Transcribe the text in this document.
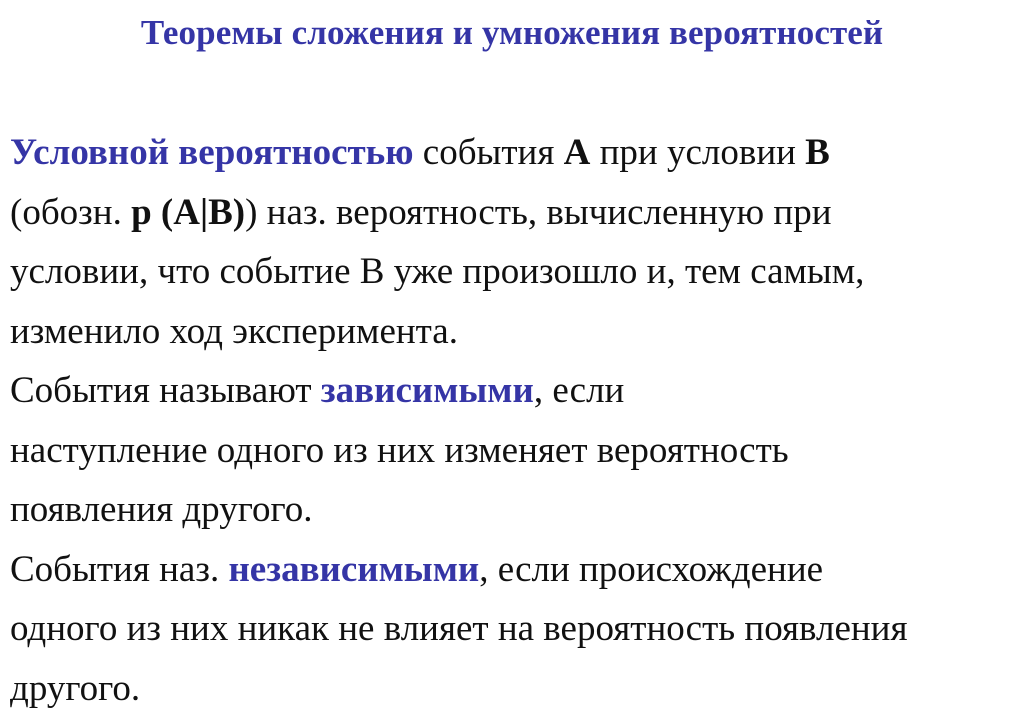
Теоремы сложения и умножения вероятностей
Условной вероятностью события А при условии В
(обозн. р (А|В)) наз. вероятность, вычисленную при
условии, что событие В уже произошло и, тем самым,
изменило ход эксперимента.
События называют зависимыми, если
наступление одного из них изменяет вероятность
появления другого.
События наз. независимыми, если происхождение
одного из них никак не влияет на вероятность появления
другого.
